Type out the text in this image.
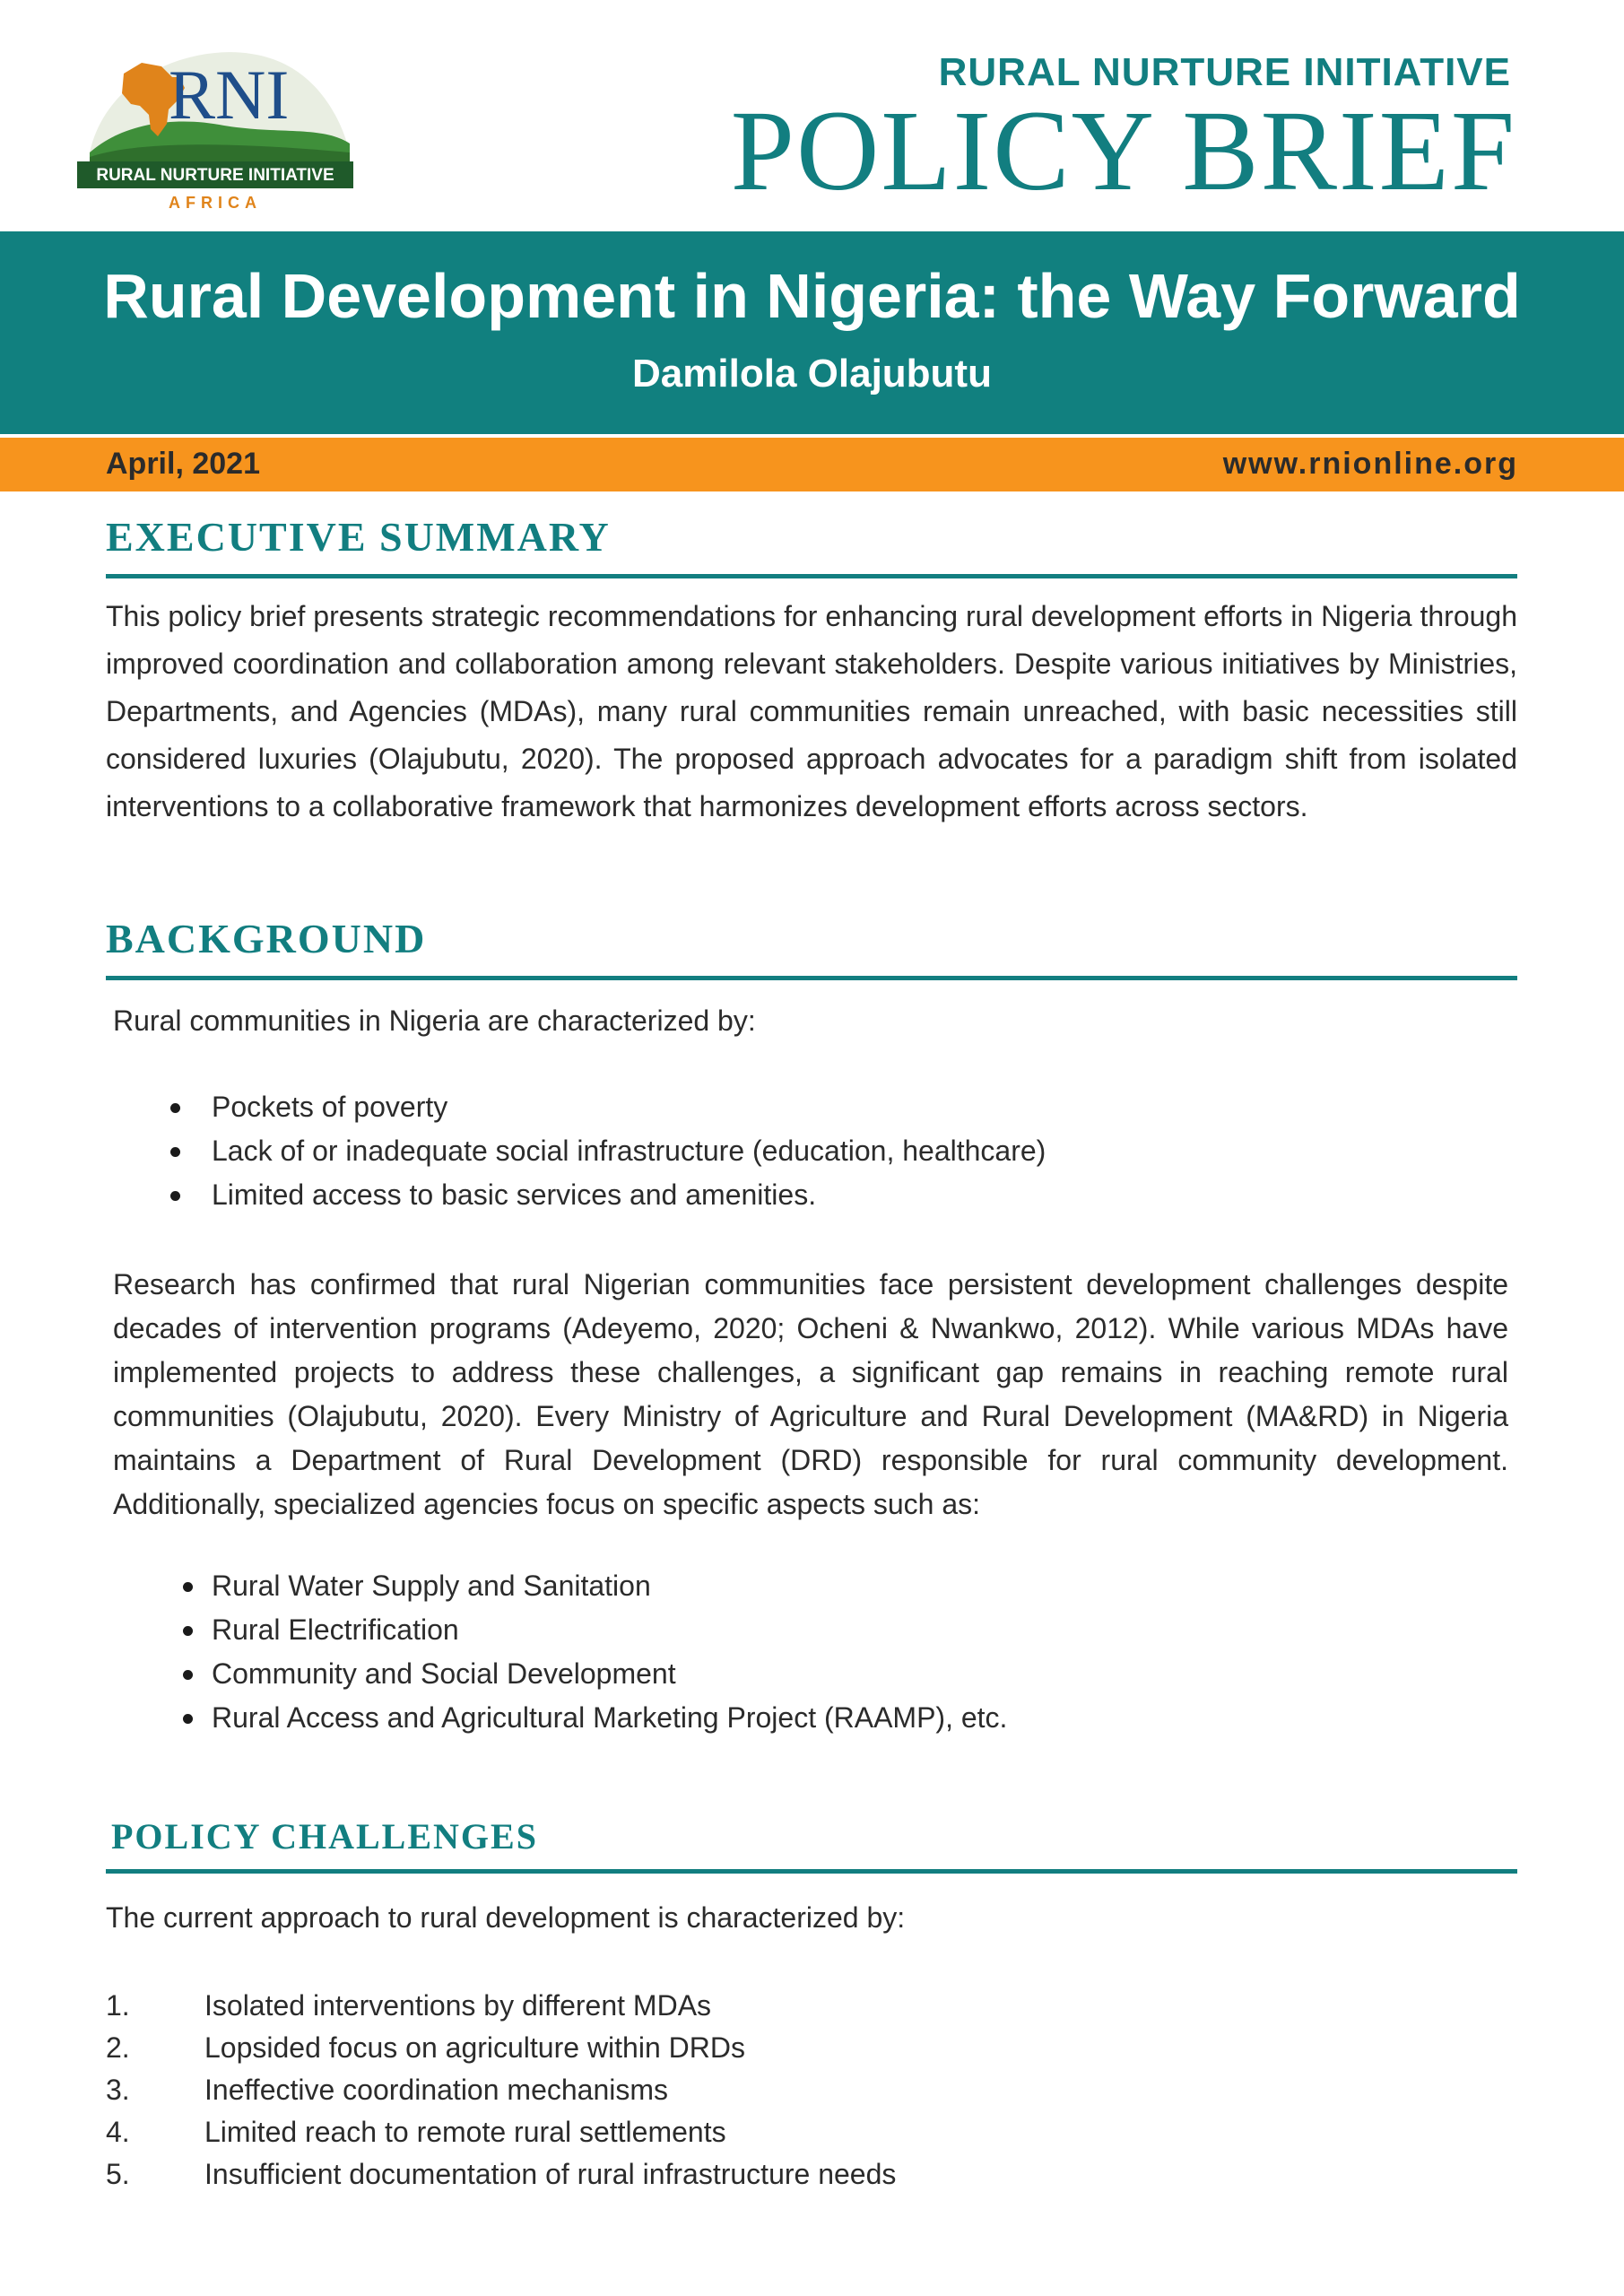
RNI
RURAL NURTURE INITIATIVE
AFRICA
RURAL NURTURE INITIATIVE
POLICY BRIEF
Rural Development in Nigeria: the Way Forward
Damilola Olajubutu
April, 2021	www.rnionline.org
EXECUTIVE SUMMARY

This policy brief presents strategic recommendations for enhancing rural development efforts in Nigeria through improved coordination and collaboration among relevant stakeholders. Despite various initiatives by Ministries, Departments, and Agencies (MDAs), many rural communities remain unreached, with basic necessities still considered luxuries (Olajubutu, 2020). The proposed approach advocates for a paradigm shift from isolated interventions to a collaborative framework that harmonizes development efforts across sectors.

BACKGROUND

Rural communities in Nigeria are characterized by:

Pockets of poverty
Lack of or inadequate social infrastructure (education, healthcare)
Limited access to basic services and amenities.

Research has confirmed that rural Nigerian communities face persistent development challenges despite decades of intervention programs (Adeyemo, 2020; Ocheni & Nwankwo, 2012). While various MDAs have implemented projects to address these challenges, a significant gap remains in reaching remote rural communities (Olajubutu, 2020). Every Ministry of Agriculture and Rural Development (MA&RD) in Nigeria maintains a Department of Rural Development (DRD) responsible for rural community development. Additionally, specialized agencies focus on specific aspects such as:

Rural Water Supply and Sanitation
Rural Electrification
Community and Social Development
Rural Access and Agricultural Marketing Project (RAAMP), etc.
POLICY CHALLENGES

The current approach to rural development is characterized by:

1.	Isolated interventions by different MDAs
2.	Lopsided focus on agriculture within DRDs
3.	Ineffective coordination mechanisms
4.	Limited reach to remote rural settlements
5.	Insufficient documentation of rural infrastructure needs
